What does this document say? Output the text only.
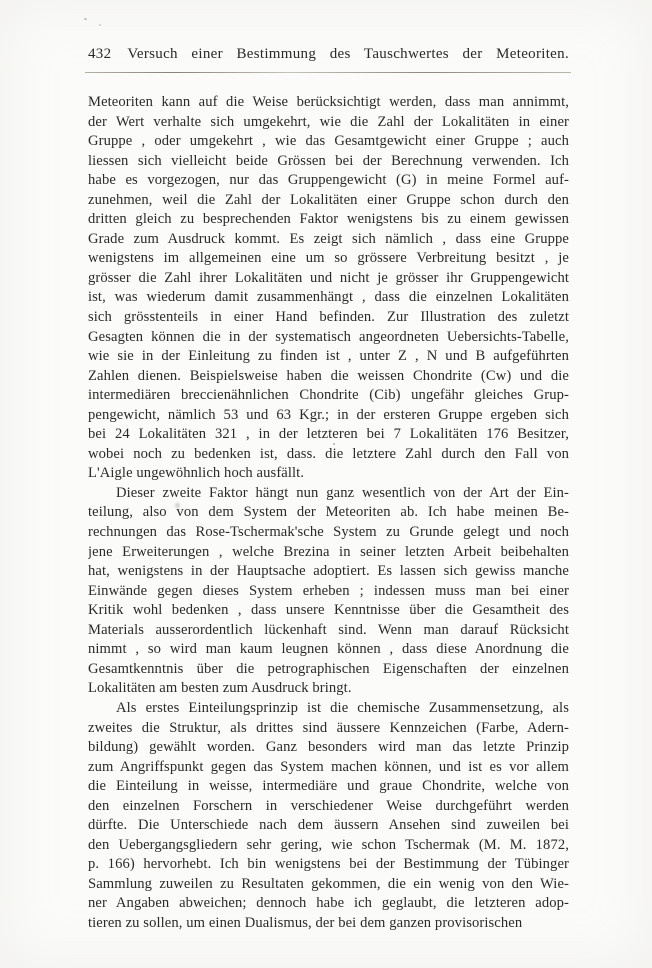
432 Versuch einer Bestimmung des Tauschwertes der Meteoriten.
Meteoriten kann auf die Weise berücksichtigt werden, dass man annimmt,
der Wert verhalte sich umgekehrt, wie die Zahl der Lokalitäten in einer
Gruppe , oder umgekehrt , wie das Gesamtgewicht einer Gruppe ; auch
liessen sich vielleicht beide Grössen bei der Berechnung verwenden. Ich
habe es vorgezogen, nur das Gruppengewicht (G) in meine Formel auf-
zunehmen, weil die Zahl der Lokalitäten einer Gruppe schon durch den
dritten gleich zu besprechenden Faktor wenigstens bis zu einem gewissen
Grade zum Ausdruck kommt. Es zeigt sich nämlich , dass eine Gruppe
wenigstens im allgemeinen eine um so grössere Verbreitung besitzt , je
grösser die Zahl ihrer Lokalitäten und nicht je grösser ihr Gruppengewicht
ist, was wiederum damit zusammenhängt , dass die einzelnen Lokalitäten
sich grösstenteils in einer Hand befinden. Zur Illustration des zuletzt
Gesagten können die in der systematisch angeordneten Uebersichts-Tabelle,
wie sie in der Einleitung zu finden ist , unter Z , N und B aufgeführten
Zahlen dienen. Beispielsweise haben die weissen Chondrite (Cw) und die
intermediären breccienähnlichen Chondrite (Cib) ungefähr gleiches Grup-
pengewicht, nämlich 53 und 63 Kgr.; in der ersteren Gruppe ergeben sich
bei 24 Lokalitäten 321 , in der letzteren bei 7 Lokalitäten 176 Besitzer,
wobei noch zu bedenken ist, dass. die letztere Zahl durch den Fall von
L'Aigle ungewöhnlich hoch ausfällt.
Dieser zweite Faktor hängt nun ganz wesentlich von der Art der Ein-
teilung, also von dem System der Meteoriten ab. Ich habe meinen Be-
rechnungen das Rose-Tschermak'sche System zu Grunde gelegt und noch
jene Erweiterungen , welche Brezina in seiner letzten Arbeit beibehalten
hat, wenigstens in der Hauptsache adoptiert. Es lassen sich gewiss manche
Einwände gegen dieses System erheben ; indessen muss man bei einer
Kritik wohl bedenken , dass unsere Kenntnisse über die Gesamtheit des
Materials ausserordentlich lückenhaft sind. Wenn man darauf Rücksicht
nimmt , so wird man kaum leugnen können , dass diese Anordnung die
Gesamtkenntnis über die petrographischen Eigenschaften der einzelnen
Lokalitäten am besten zum Ausdruck bringt.
Als erstes Einteilungsprinzip ist die chemische Zusammensetzung, als
zweites die Struktur, als drittes sind äussere Kennzeichen (Farbe, Adern-
bildung) gewählt worden. Ganz besonders wird man das letzte Prinzip
zum Angriffspunkt gegen das System machen können, und ist es vor allem
die Einteilung in weisse, intermediäre und graue Chondrite, welche von
den einzelnen Forschern in verschiedener Weise durchgeführt werden
dürfte. Die Unterschiede nach dem äussern Ansehen sind zuweilen bei
den Uebergangsgliedern sehr gering, wie schon Tschermak (M. M. 1872,
p. 166) hervorhebt. Ich bin wenigstens bei der Bestimmung der Tübinger
Sammlung zuweilen zu Resultaten gekommen, die ein wenig von den Wie-
ner Angaben abweichen; dennoch habe ich geglaubt, die letzteren adop-
tieren zu sollen, um einen Dualismus, der bei dem ganzen provisorischen
